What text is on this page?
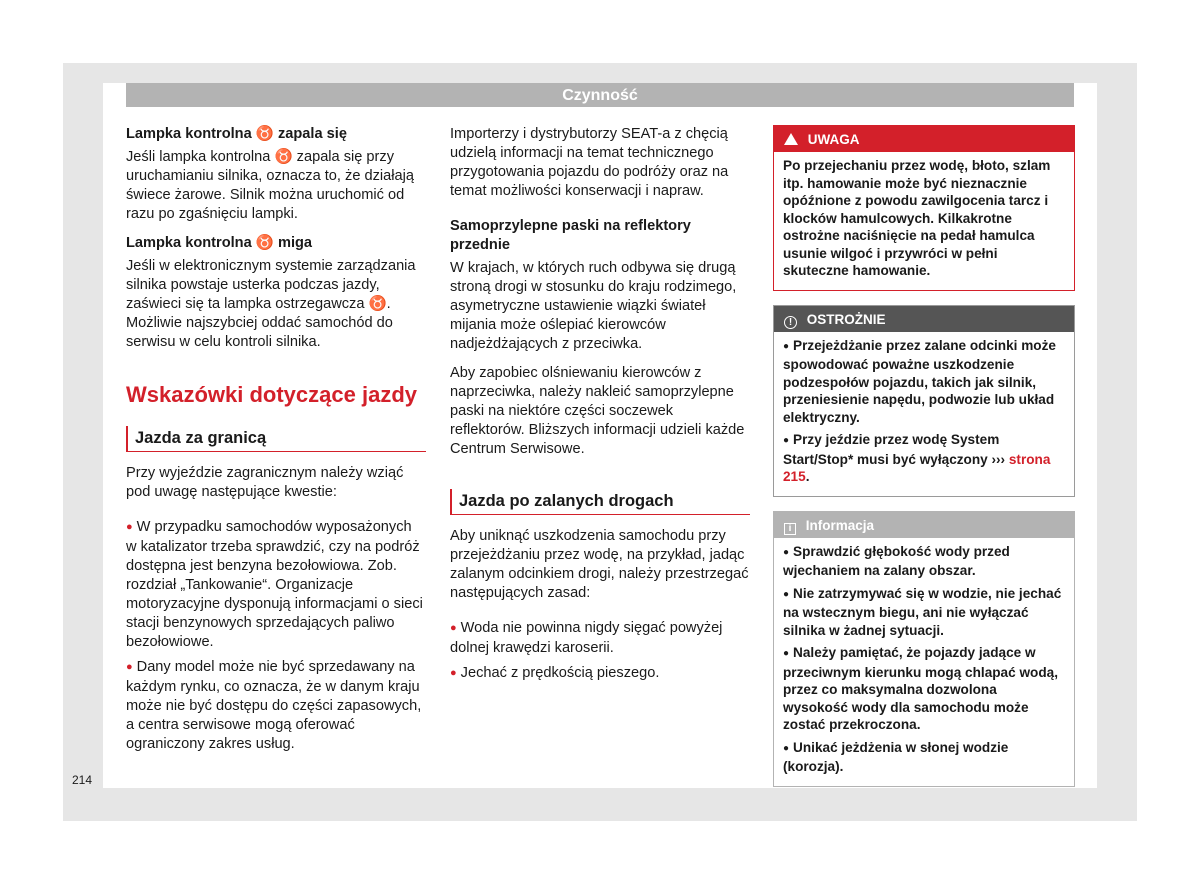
Czynność

Lampka kontrolna ♉ zapala się

Jeśli lampka kontrolna ♉ zapala się przy uruchamianiu silnika, oznacza to, że działają świece żarowe. Silnik można uruchomić od razu po zgaśnięciu lampki.

Lampka kontrolna ♉ miga

Jeśli w elektronicznym systemie zarządzania silnika powstaje usterka podczas jazdy, zaświeci się ta lampka ostrzegawcza ♉. Możliwie najszybciej oddać samochód do serwisu w celu kontroli silnika.

Wskazówki dotyczące jazdy
Jazda za granicą

Przy wyjeździe zagranicznym należy wziąć pod uwagę następujące kwestie:

● W przypadku samochodów wyposażonych w katalizator trzeba sprawdzić, czy na podróż dostępna jest benzyna bezołowiowa. Zob. rozdział „Tankowanie“. Organizacje motoryzacyjne dysponują informacjami o sieci stacji benzynowych sprzedających paliwo bezołowiowe.

● Dany model może nie być sprzedawany na każdym rynku, co oznacza, że w danym kraju może nie być dostępu do części zapasowych, a centra serwisowe mogą oferować ograniczony zakres usług.

Importerzy i dystrybutorzy SEAT-a z chęcią udzielą informacji na temat technicznego przygotowania pojazdu do podróży oraz na temat możliwości konserwacji i napraw.

Samoprzylepne paski na reflektory przednie

W krajach, w których ruch odbywa się drugą stroną drogi w stosunku do kraju rodzimego, asymetryczne ustawienie wiązki świateł mijania może oślepiać kierowców nadjeżdżających z przeciwka.

Aby zapobiec olśniewaniu kierowców z naprzeciwka, należy nakleić samoprzylepne paski na niektóre części soczewek reflektorów. Bliższych informacji udzieli każde Centrum Serwisowe.

Jazda po zalanych drogach

Aby uniknąć uszkodzenia samochodu przy przejeżdżaniu przez wodę, na przykład, jadąc zalanym odcinkiem drogi, należy przestrzegać następujących zasad:

● Woda nie powinna nigdy sięgać powyżej dolnej krawędzi karoserii.

● Jechać z prędkością pieszego.

UWAGA

Po przejechaniu przez wodę, błoto, szlam itp. hamowanie może być nieznacznie opóźnione z powodu zawilgocenia tarcz i klocków hamulcowych. Kilkakrotne ostrożne naciśnięcie na pedał hamulca usunie wilgoć i przywróci w pełni skuteczne hamowanie.

! OSTROŻNIE

● Przejeżdżanie przez zalane odcinki może spowodować poważne uszkodzenie podzespołów pojazdu, takich jak silnik, przeniesienie napędu, podwozie lub układ elektryczny.

● Przy jeździe przez wodę System Start/Stop* musi być wyłączony ››› strona 215.

i Informacja

● Sprawdzić głębokość wody przed wjechaniem na zalany obszar.

● Nie zatrzymywać się w wodzie, nie jechać na wstecznym biegu, ani nie wyłączać silnika w żadnej sytuacji.

● Należy pamiętać, że pojazdy jadące w przeciwnym kierunku mogą chlapać wodą, przez co maksymalna dozwolona wysokość wody dla samochodu może zostać przekroczona.

● Unikać jeżdżenia w słonej wodzie (korozja).

214
